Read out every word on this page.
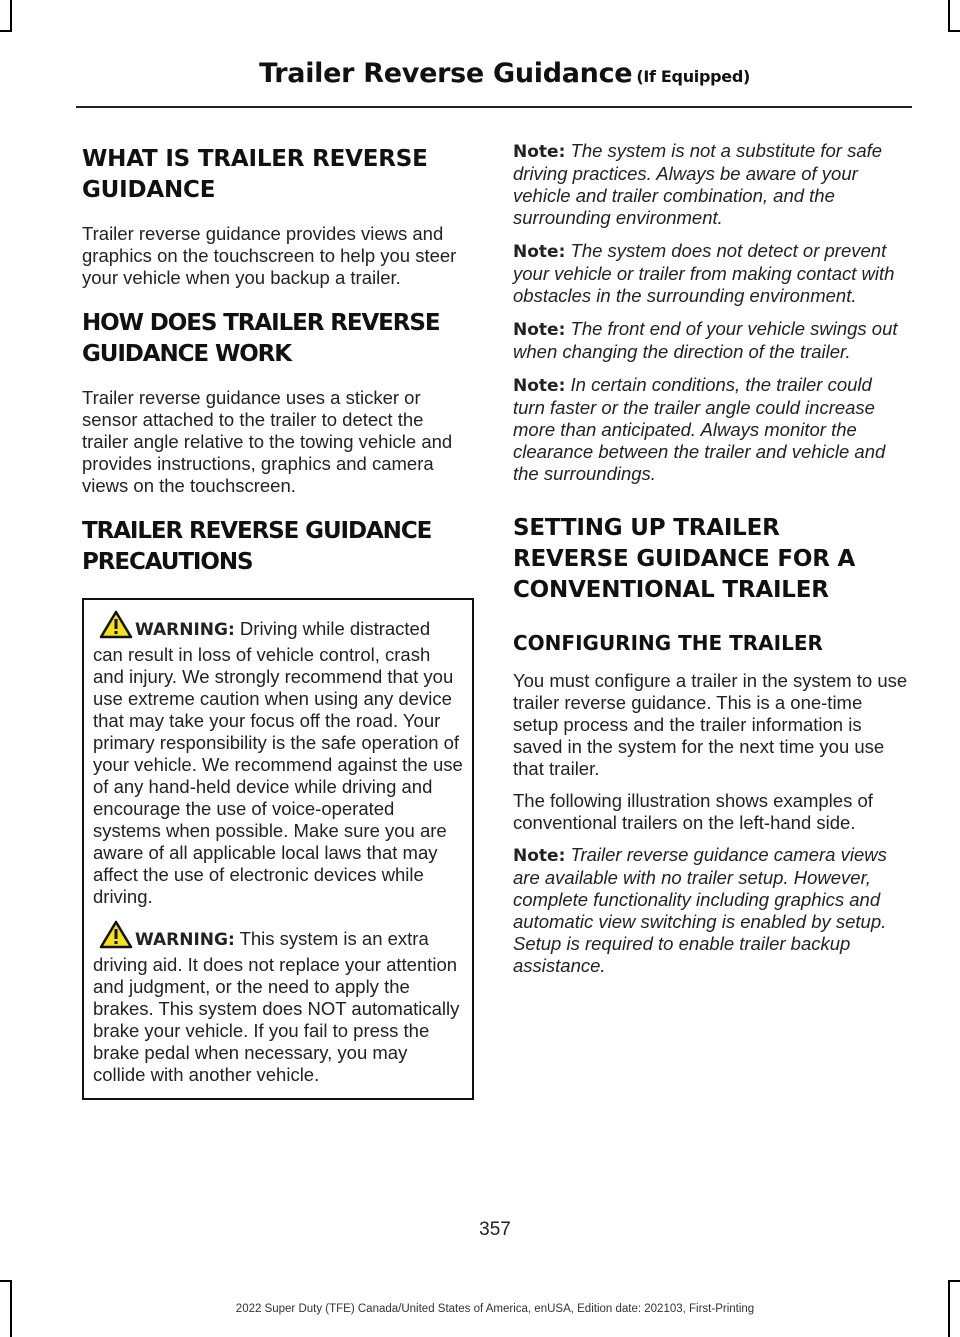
Trailer Reverse Guidance (If Equipped)
WHAT IS TRAILER REVERSE
GUIDANCE

Trailer reverse guidance provides views and graphics on the touchscreen to help you steer your vehicle when you backup a trailer.

HOW DOES TRAILER REVERSE
GUIDANCE WORK

Trailer reverse guidance uses a sticker or sensor attached to the trailer to detect the trailer angle relative to the towing vehicle and provides instructions, graphics and camera views on the touchscreen.

TRAILER REVERSE GUIDANCE
PRECAUTIONS

WARNING: Driving while distracted can result in loss of vehicle control, crash and injury. We strongly recommend that you use extreme caution when using any device that may take your focus off the road. Your primary responsibility is the safe operation of your vehicle. We recommend against the use of any hand-held device while driving and encourage the use of voice-operated systems when possible. Make sure you are aware of all applicable local laws that may affect the use of electronic devices while driving.

WARNING: This system is an extra driving aid. It does not replace your attention and judgment, or the need to apply the brakes. This system does NOT automatically brake your vehicle. If you fail to press the brake pedal when necessary, you may collide with another vehicle.

Note: The system is not a substitute for safe driving practices. Always be aware of your vehicle and trailer combination, and the surrounding environment.

Note: The system does not detect or prevent your vehicle or trailer from making contact with obstacles in the surrounding environment.

Note: The front end of your vehicle swings out when changing the direction of the trailer.

Note: In certain conditions, the trailer could turn faster or the trailer angle could increase more than anticipated. Always monitor the clearance between the trailer and vehicle and the surroundings.

SETTING UP TRAILER
REVERSE GUIDANCE FOR A
CONVENTIONAL TRAILER
CONFIGURING THE TRAILER

You must configure a trailer in the system to use trailer reverse guidance. This is a one-time setup process and the trailer information is saved in the system for the next time you use that trailer.

The following illustration shows examples of conventional trailers on the left-hand side.

Note: Trailer reverse guidance camera views are available with no trailer setup. However, complete functionality including graphics and automatic view switching is enabled by setup. Setup is required to enable trailer backup assistance.

357
2022 Super Duty (TFE) Canada/United States of America, enUSA, Edition date: 202103, First-Printing
